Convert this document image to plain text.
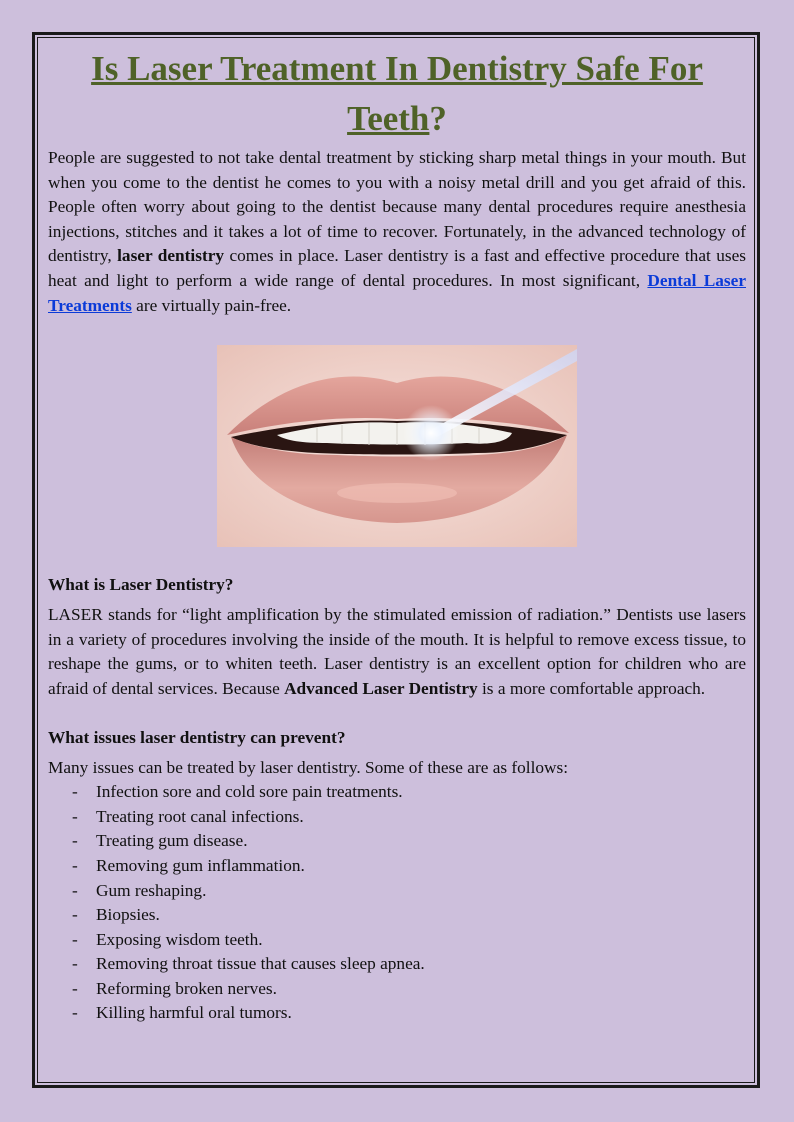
Is Laser Treatment In Dentistry Safe For
Teeth?

People are suggested to not take dental treatment by sticking sharp metal things in your mouth. But when you come to the dentist he comes to you with a noisy metal drill and you get afraid of this. People often worry about going to the dentist because many dental procedures require anesthesia injections, stitches and it takes a lot of time to recover. Fortunately, in the advanced technology of dentistry, laser dentistry comes in place. Laser dentistry is a fast and effective procedure that uses heat and light to perform a wide range of dental procedures. In most significant, Dental Laser Treatments are virtually pain-free.

What is Laser Dentistry?

LASER stands for “light amplification by the stimulated emission of radiation.” Dentists use lasers in a variety of procedures involving the inside of the mouth. It is helpful to remove excess tissue, to reshape the gums, or to whiten teeth. Laser dentistry is an excellent option for children who are afraid of dental services. Because Advanced Laser Dentistry is a more comfortable approach.

What issues laser dentistry can prevent?

Many issues can be treated by laser dentistry. Some of these are as follows:

-	Infection sore and cold sore pain treatments.
-	Treating root canal infections.
-	Treating gum disease.
-	Removing gum inflammation.
-	Gum reshaping.
-	Biopsies.
-	Exposing wisdom teeth.
-	Removing throat tissue that causes sleep apnea.
-	Reforming broken nerves.
-	Killing harmful oral tumors.
